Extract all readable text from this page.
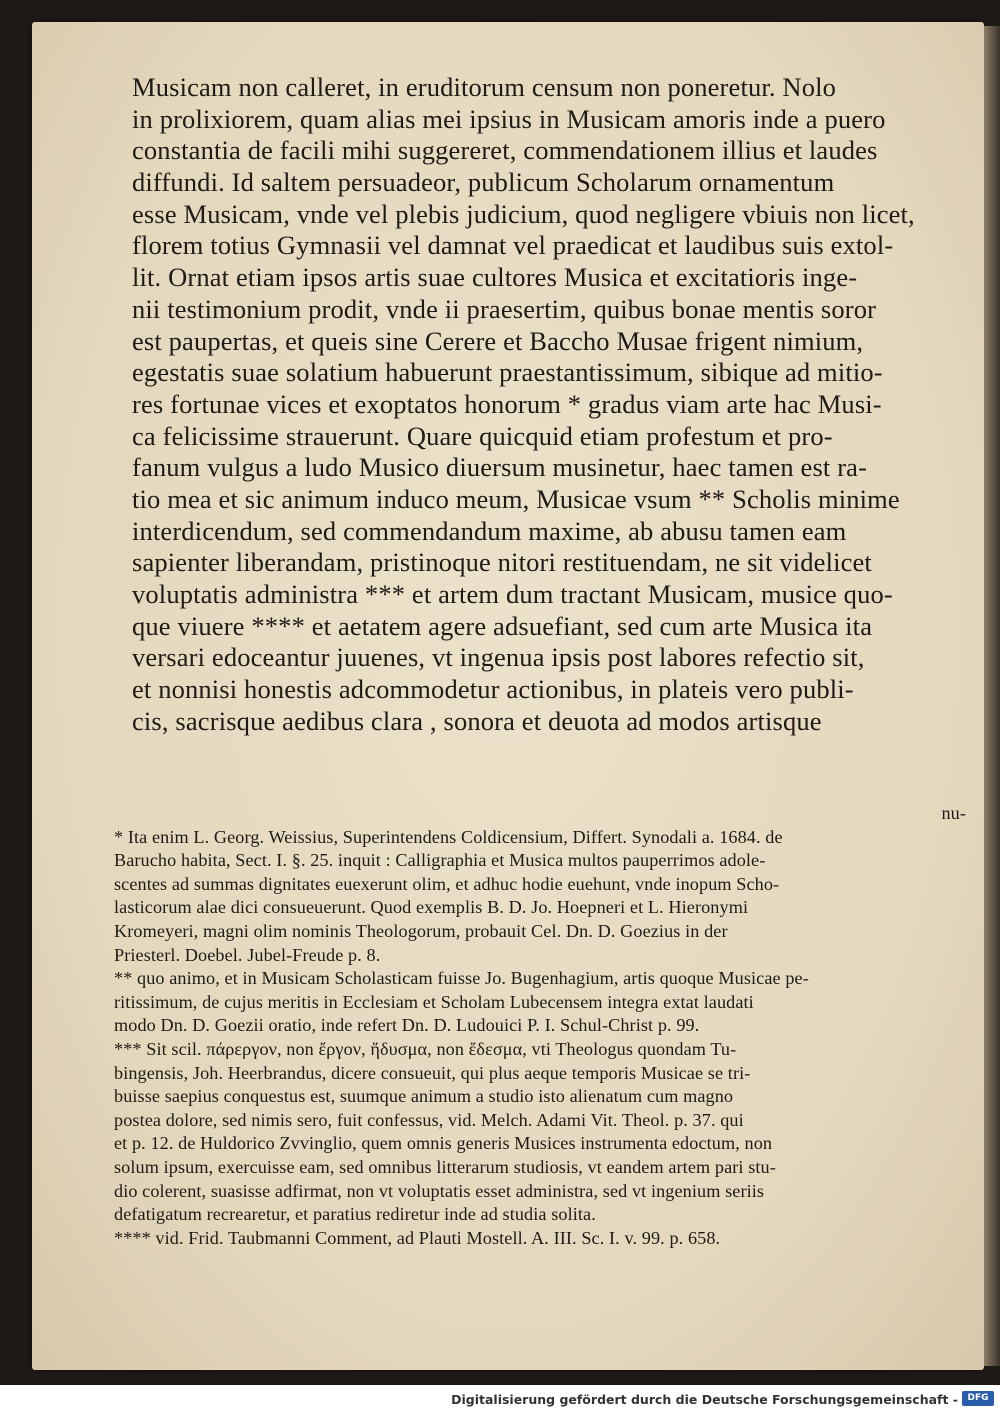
Musicam non calleret, in eruditorum censum non poneretur. Nolo
in prolixiorem, quam alias mei ipsius in Musicam amoris inde a puero
constantia de facili mihi suggereret, commendationem illius et laudes
diffundi. Id saltem persuadeor, publicum Scholarum ornamentum
esse Musicam, vnde vel plebis judicium, quod negligere vbiuis non licet,
florem totius Gymnasii vel damnat vel praedicat et laudibus suis extol-
lit. Ornat etiam ipsos artis suae cultores Musica et excitatioris inge-
nii testimonium prodit, vnde ii praesertim, quibus bonae mentis soror
est paupertas, et queis sine Cerere et Baccho Musae frigent nimium,
egestatis suae solatium habuerunt praestantissimum, sibique ad mitio-
res fortunae vices et exoptatos honorum * gradus viam arte hac Musi-
ca felicissime strauerunt. Quare quicquid etiam profestum et pro-
fanum vulgus a ludo Musico diuersum musinetur, haec tamen est ra-
tio mea et sic animum induco meum, Musicae vsum ** Scholis minime
interdicendum, sed commendandum maxime, ab abusu tamen eam
sapienter liberandam, pristinoque nitori restituendam, ne sit videlicet
voluptatis administra *** et artem dum tractant Musicam, musice quo-
que viuere **** et aetatem agere adsuefiant, sed cum arte Musica ita
versari edoceantur juuenes, vt ingenua ipsis post labores refectio sit,
et nonnisi honestis adcommodetur actionibus, in plateis vero publi-
cis, sacrisque aedibus clara , sonora et deuota ad modos artisque
nu-
* Ita enim L. Georg. Weissius, Superintendens Coldicensium, Differt. Synodali a. 1684. de
Barucho habita, Sect. I. §. 25. inquit : Calligraphia et Musica multos pauperrimos adole-
scentes ad summas dignitates euexerunt olim, et adhuc hodie euehunt, vnde inopum Scho-
lasticorum alae dici consueuerunt. Quod exemplis B. D. Jo. Hoepneri et L. Hieronymi
Kromeyeri, magni olim nominis Theologorum, probauit Cel. Dn. D. Goezius in der
Priesterl. Doebel. Jubel-Freude p. 8.
** quo animo, et in Musicam Scholasticam fuisse Jo. Bugenhagium, artis quoque Musicae pe-
ritissimum, de cujus meritis in Ecclesiam et Scholam Lubecensem integra extat laudati
modo Dn. D. Goezii oratio, inde refert Dn. D. Ludouici P. I. Schul-Christ p. 99.
*** Sit scil. πάρεργον, non ἔργον, ἥδυσμα, non ἔδεσμα, vti Theologus quondam Tu-
bingensis, Joh. Heerbrandus, dicere consueuit, qui plus aeque temporis Musicae se tri-
buisse saepius conquestus est, suumque animum a studio isto alienatum cum magno
postea dolore, sed nimis sero, fuit confessus, vid. Melch. Adami Vit. Theol. p. 37. qui
et p. 12. de Huldorico Zvvinglio, quem omnis generis Musices instrumenta edoctum, non
solum ipsum, exercuisse eam, sed omnibus litterarum studiosis, vt eandem artem pari stu-
dio colerent, suasisse adfirmat, non vt voluptatis esset administra, sed vt ingenium seriis
defatigatum recrearetur, et paratius rediretur inde ad studia solita.
**** vid. Frid. Taubmanni Comment, ad Plauti Mostell. A. III. Sc. I. v. 99. p. 658.
Digitalisierung gefördert durch die Deutsche Forschungsgemeinschaft -	DFG
